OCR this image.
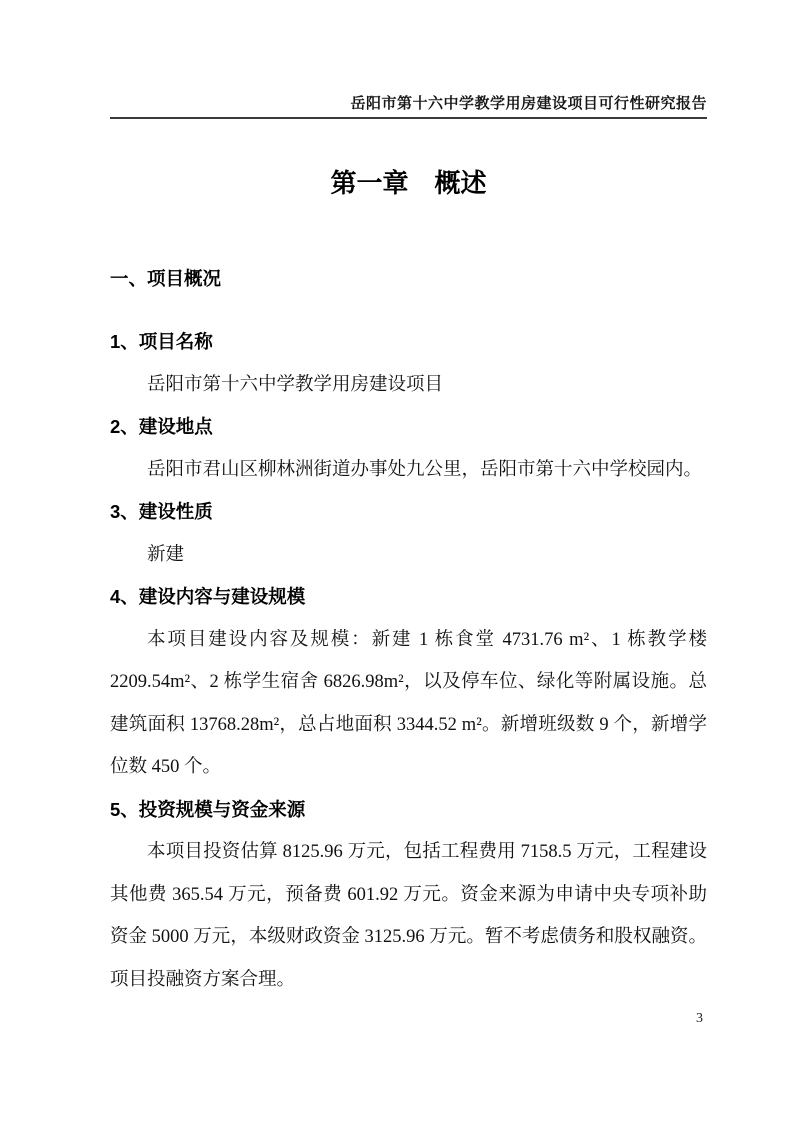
岳阳市第十六中学教学用房建设项目可行性研究报告
第一章　概述
一、项目概况
1、项目名称

岳阳市第十六中学教学用房建设项目

2、建设地点

岳阳市君山区柳林洲街道办事处九公里，岳阳市第十六中学校园内。

3、建设性质

新建

4、建设内容与建设规模

本项目建设内容及规模：新建 1 栋食堂 4731.76 m²、1 栋教学楼 2209.54m²、2 栋学生宿舍 6826.98m²，以及停车位、绿化等附属设施。总建筑面积 13768.28m²，总占地面积 3344.52 m²。新增班级数 9 个，新增学位数 450 个。

5、投资规模与资金来源

本项目投资估算 8125.96 万元，包括工程费用 7158.5 万元，工程建设其他费 365.54 万元，预备费 601.92 万元。资金来源为申请中央专项补助资金 5000 万元，本级财政资金 3125.96 万元。暂不考虑债务和股权融资。项目投融资方案合理。

3
